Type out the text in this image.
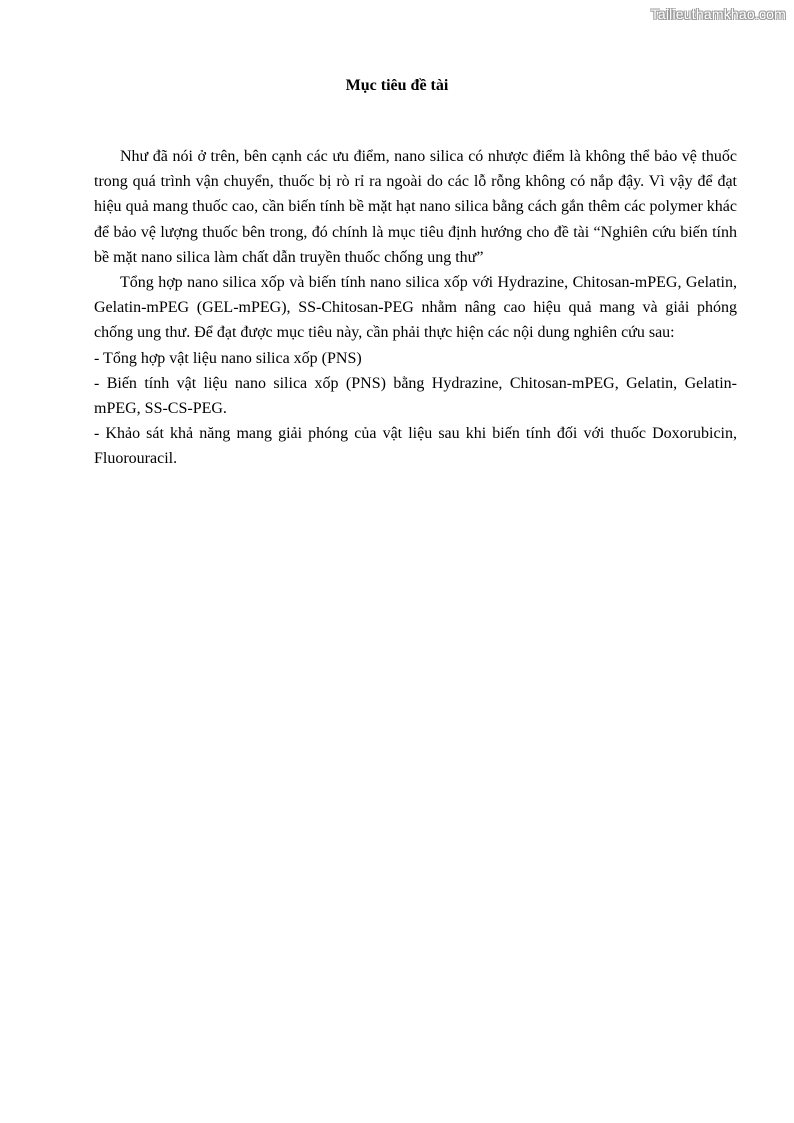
Tailieuthamkhao.com
Mục tiêu đề tài

Như đã nói ở trên, bên cạnh các ưu điểm, nano silica có nhược điểm là không thể bảo vệ thuốc trong quá trình vận chuyển, thuốc bị rò rỉ ra ngoài do các lỗ rỗng không có nắp đậy. Vì vậy để đạt hiệu quả mang thuốc cao, cần biến tính bề mặt hạt nano silica bằng cách gắn thêm các polymer khác để bảo vệ lượng thuốc bên trong, đó chính là mục tiêu định hướng cho đề tài “Nghiên cứu biến tính bề mặt nano silica làm chất dẫn truyền thuốc chống ung thư”

Tổng hợp nano silica xốp và biến tính nano silica xốp với Hydrazine, Chitosan-mPEG, Gelatin, Gelatin-mPEG (GEL-mPEG), SS-Chitosan-PEG nhằm nâng cao hiệu quả mang và giải phóng chống ung thư. Để đạt được mục tiêu này, cần phải thực hiện các nội dung nghiên cứu sau:

- Tổng hợp vật liệu nano silica xốp (PNS)

- Biến tính vật liệu nano silica xốp (PNS) bằng Hydrazine, Chitosan-mPEG, Gelatin, Gelatin-mPEG, SS-CS-PEG.

- Khảo sát khả năng mang giải phóng của vật liệu sau khi biến tính đối với thuốc Doxorubicin, Fluorouracil.
